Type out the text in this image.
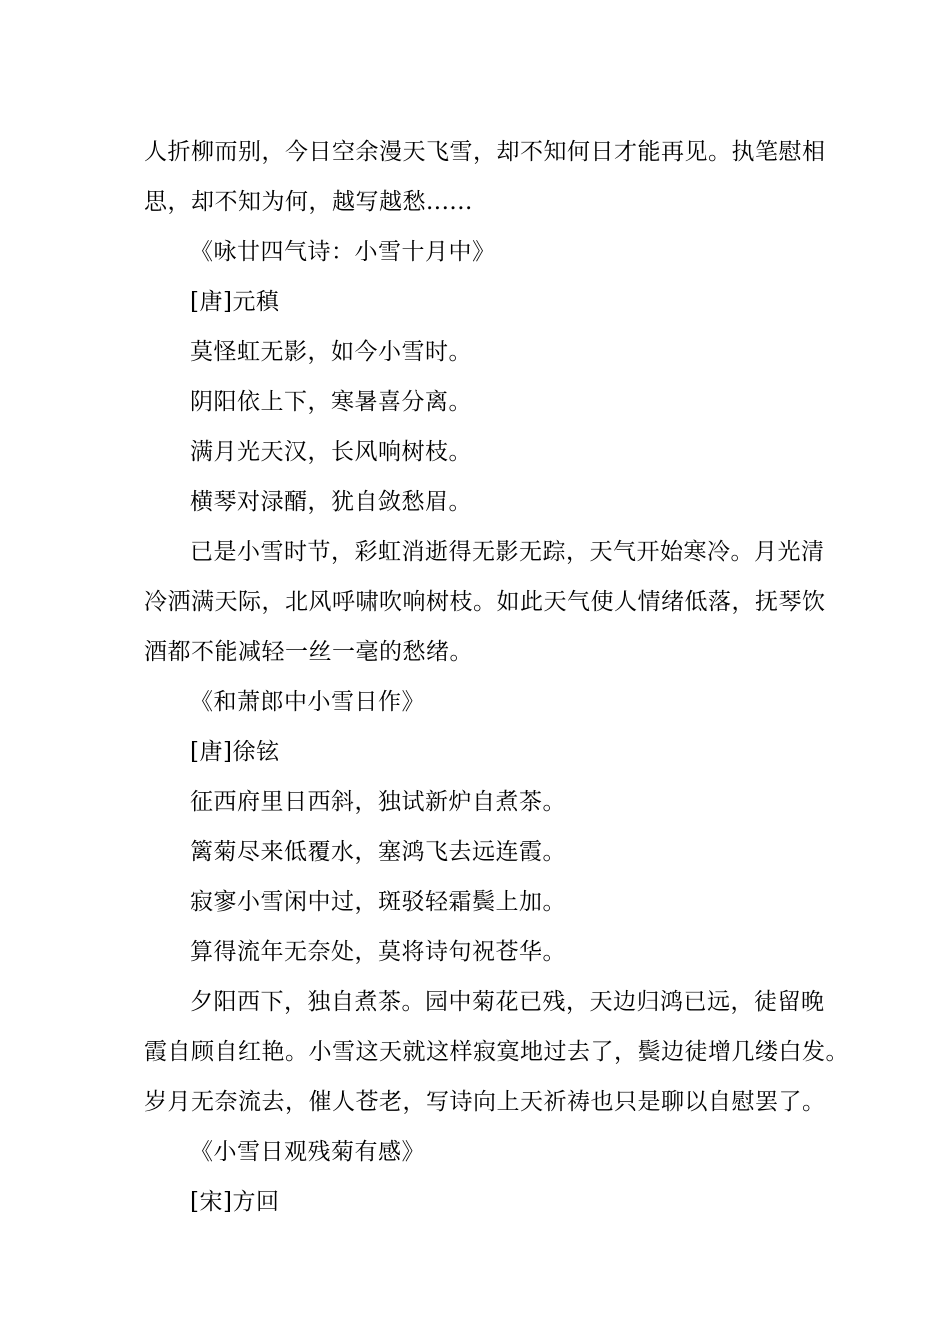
人折柳而别，今日空余漫天飞雪，却不知何日才能再见。执笔慰相
思，却不知为何，越写越愁......
《咏廿四气诗：小雪十月中》
[唐]元稹
莫怪虹无影，如今小雪时。
阴阳依上下，寒暑喜分离。
满月光天汉，长风响树枝。
横琴对渌醑，犹自敛愁眉。
已是小雪时节，彩虹消逝得无影无踪，天气开始寒冷。月光清
冷洒满天际，北风呼啸吹响树枝。如此天气使人情绪低落，抚琴饮
酒都不能减轻一丝一毫的愁绪。
《和萧郎中小雪日作》
[唐]徐铉
征西府里日西斜，独试新炉自煮茶。
篱菊尽来低覆水，塞鸿飞去远连霞。
寂寥小雪闲中过，斑驳轻霜鬓上加。
算得流年无奈处，莫将诗句祝苍华。
夕阳西下，独自煮茶。园中菊花已残，天边归鸿已远，徒留晚
霞自顾自红艳。小雪这天就这样寂寞地过去了，鬓边徒增几缕白发。
岁月无奈流去，催人苍老，写诗向上天祈祷也只是聊以自慰罢了。
《小雪日观残菊有感》
[宋]方回
